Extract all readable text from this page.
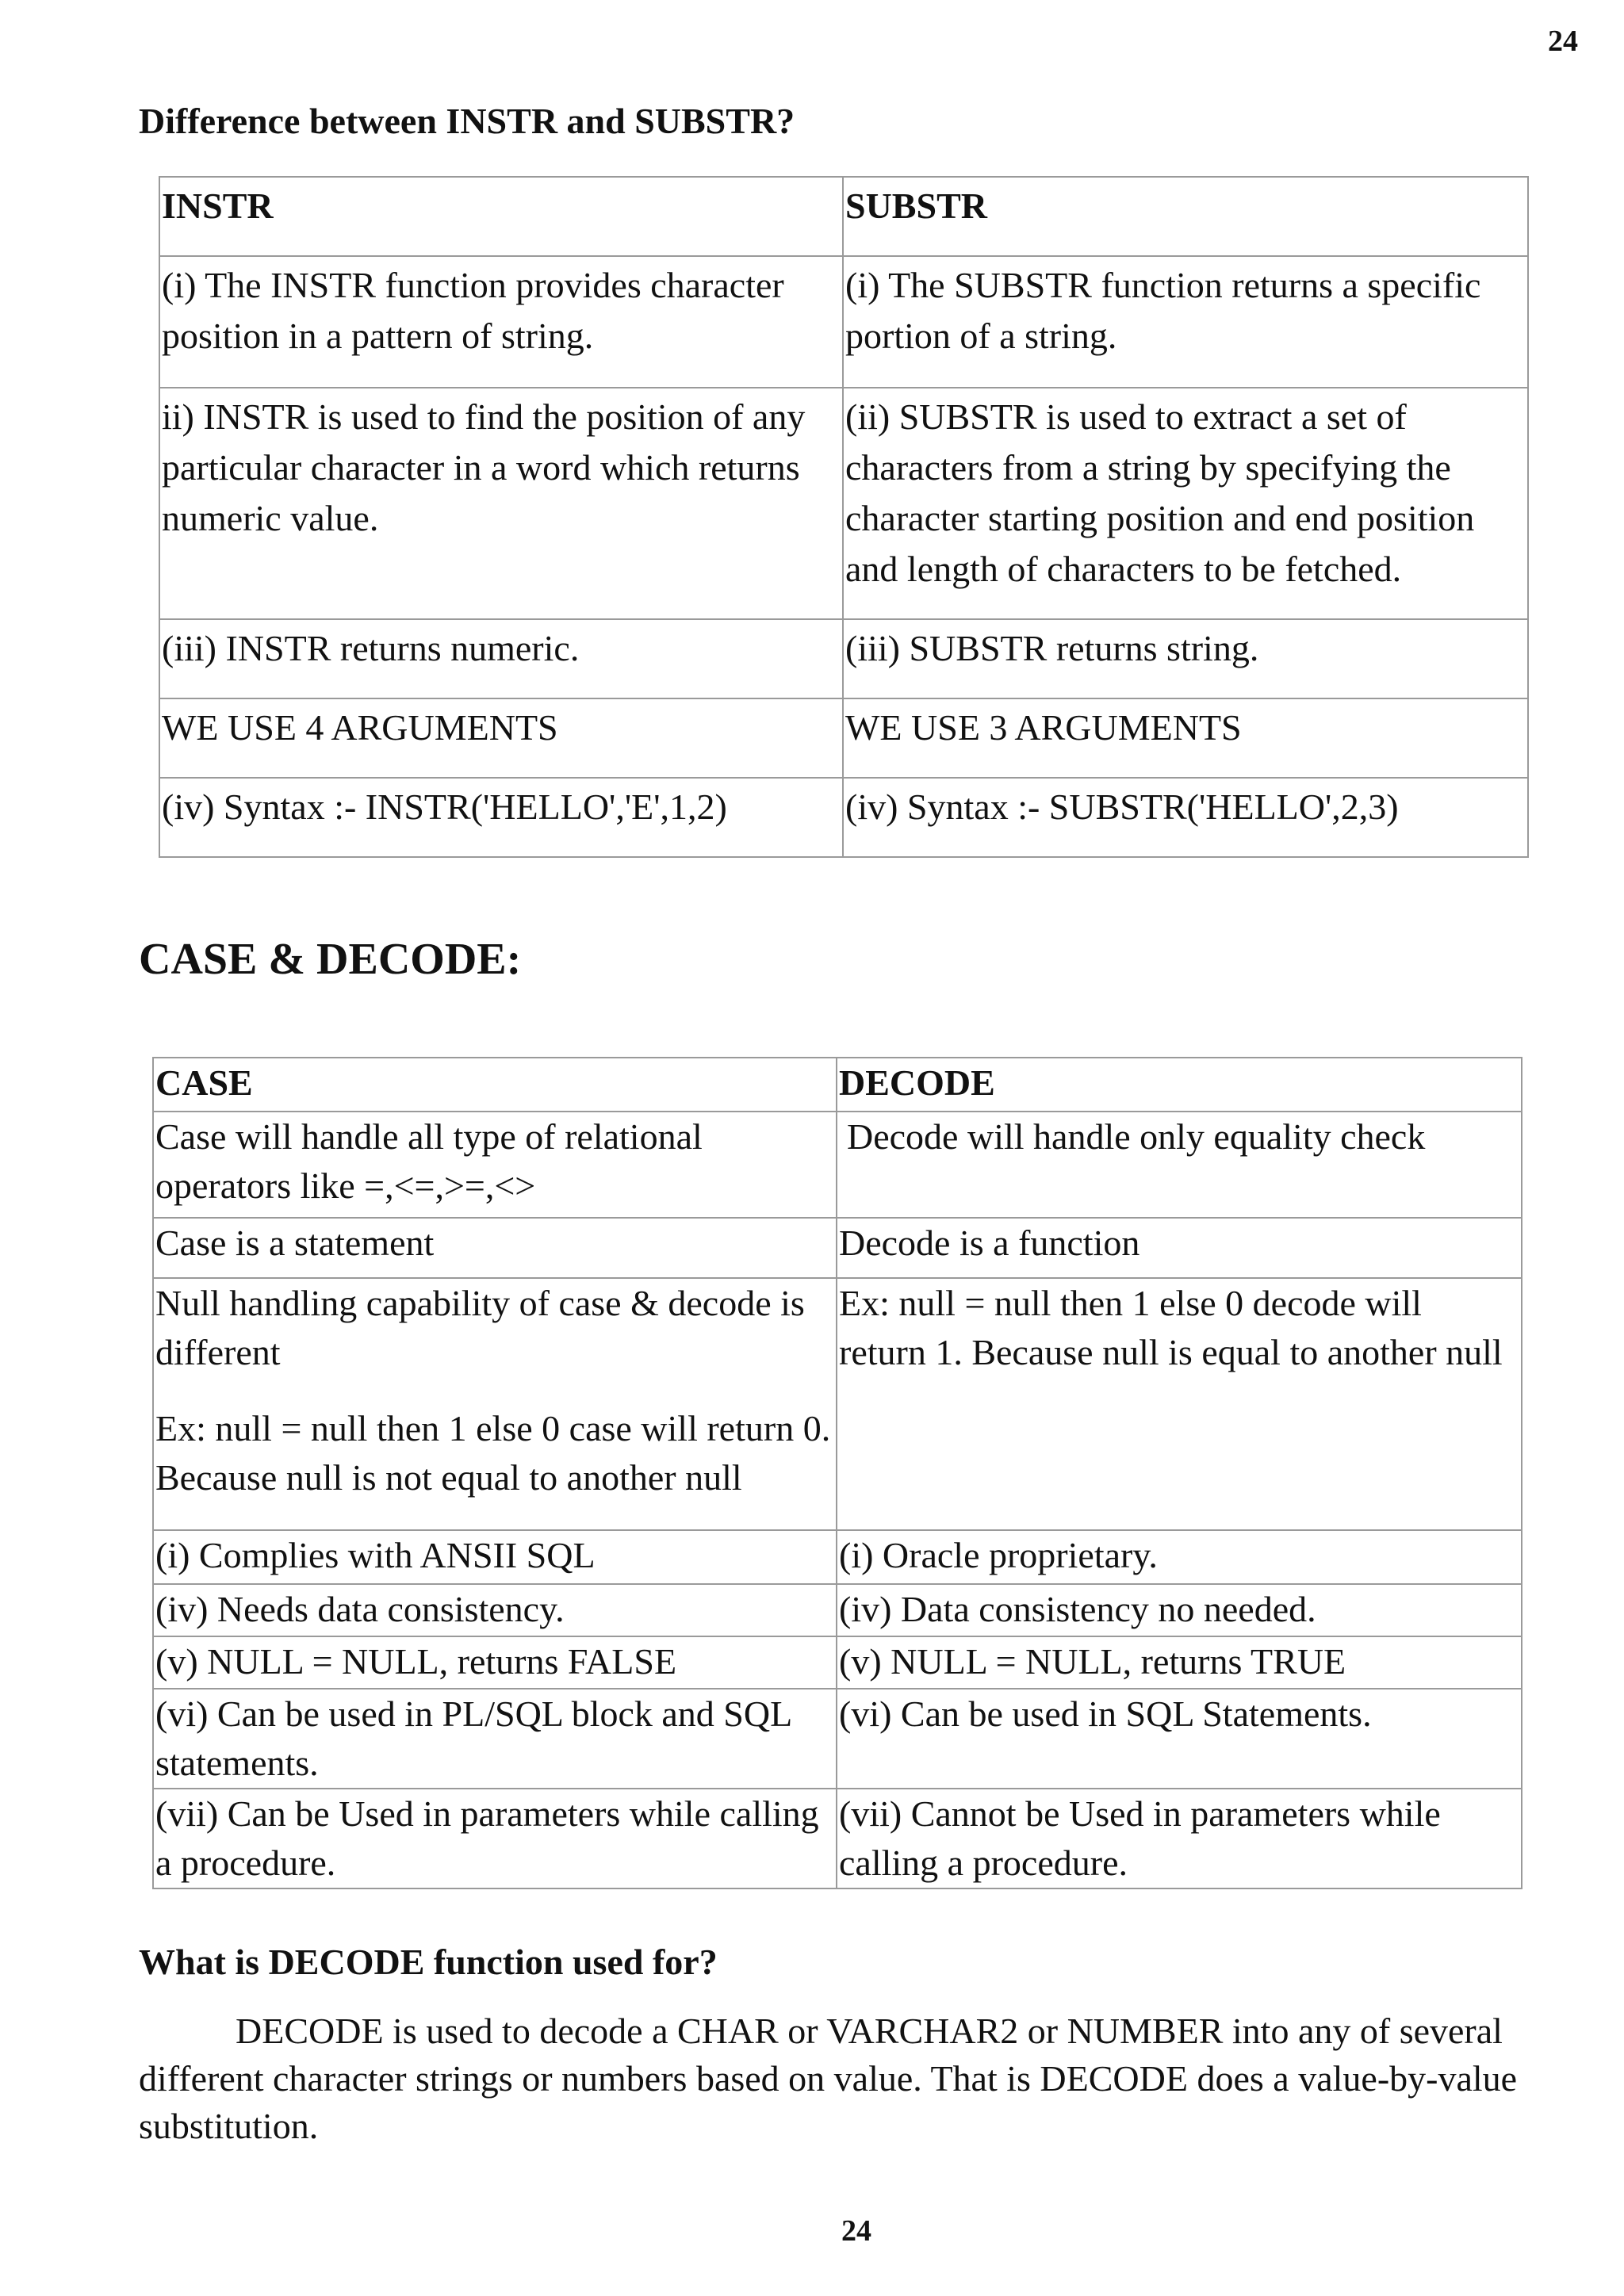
24
Difference between INSTR and SUBSTR?
INSTR	SUBSTR
(i) The INSTR function provides character position in a pattern of string.	(i) The SUBSTR function returns a specific portion of a string.
ii) INSTR is used to find the position of any particular character in a word which returns numeric value.	(ii) SUBSTR is used to extract a set of characters from a string by specifying the character starting position and end position and length of characters to be fetched.
(iii) INSTR returns numeric.	(iii) SUBSTR returns string.
WE USE 4 ARGUMENTS	WE USE 3 ARGUMENTS
(iv) Syntax :- INSTR('HELLO','E',1,2)	(iv) Syntax :- SUBSTR('HELLO',2,3)
CASE & DECODE:
CASE	DECODE
Case will handle all type of relational operators like =,<=,>=,<>	Decode will handle only equality check
Case is a statement	Decode is a function
Null handling capability of case & decode is different
Ex: null = null then 1 else 0 case will return 0. Because null is not equal to another null	Ex: null = null then 1 else 0 decode will return 1. Because null is equal to another null
(i) Complies with ANSII SQL	(i) Oracle proprietary.
(iv) Needs data consistency.	(iv) Data consistency no needed.
(v) NULL = NULL, returns FALSE	(v) NULL = NULL, returns TRUE
(vi) Can be used in PL/SQL block and SQL statements.	(vi) Can be used in SQL Statements.
(vii) Can be Used in parameters while calling a procedure.	(vii) Cannot be Used in parameters while calling a procedure.
What is DECODE function used for?
DECODE is used to decode a CHAR or VARCHAR2 or NUMBER into any of several different character strings or numbers based on value. That is DECODE does a value-by-value substitution.
24
